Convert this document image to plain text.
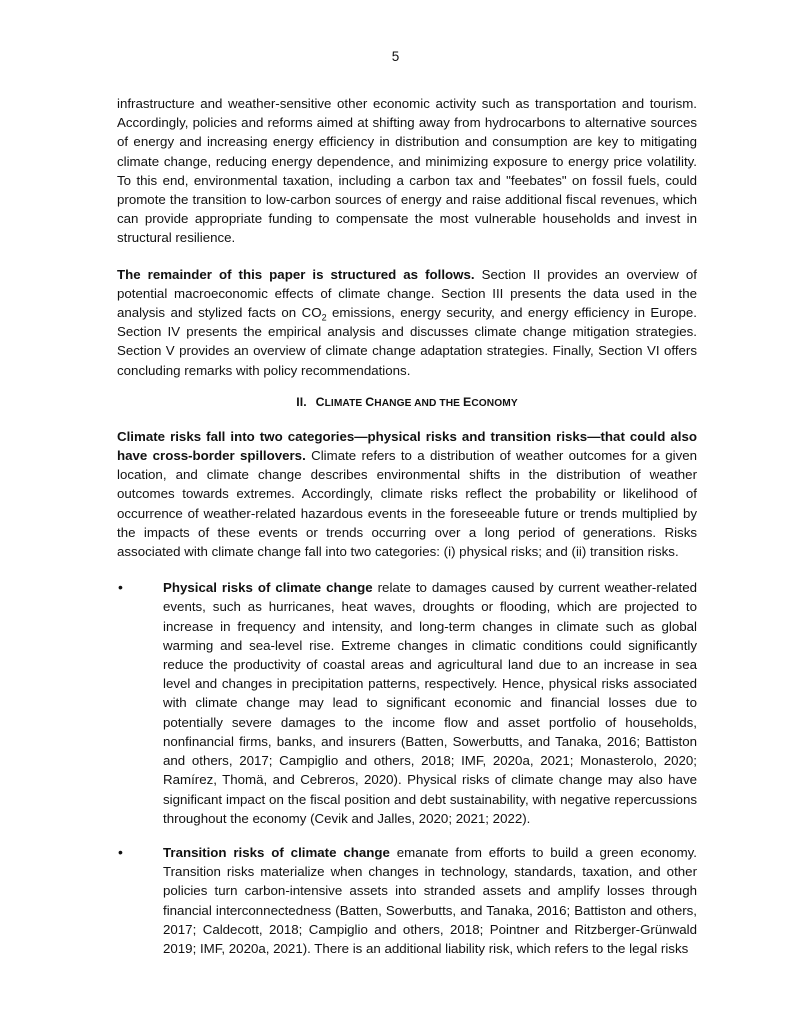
5

infrastructure and weather-sensitive other economic activity such as transportation and tourism. Accordingly, policies and reforms aimed at shifting away from hydrocarbons to alternative sources of energy and increasing energy efficiency in distribution and consumption are key to mitigating climate change, reducing energy dependence, and minimizing exposure to energy price volatility. To this end, environmental taxation, including a carbon tax and "feebates" on fossil fuels, could promote the transition to low-carbon sources of energy and raise additional fiscal revenues, which can provide appropriate funding to compensate the most vulnerable households and invest in structural resilience.

The remainder of this paper is structured as follows. Section II provides an overview of potential macroeconomic effects of climate change. Section III presents the data used in the analysis and stylized facts on $CO_2$ emissions, energy security, and energy efficiency in Europe. Section IV presents the empirical analysis and discusses climate change mitigation strategies. Section V provides an overview of climate change adaptation strategies. Finally, Section VI offers concluding remarks with policy recommendations.

II. CLIMATE CHANGE AND THE ECONOMY

Climate risks fall into two categories—physical risks and transition risks—that could also have cross-border spillovers. Climate refers to a distribution of weather outcomes for a given location, and climate change describes environmental shifts in the distribution of weather outcomes towards extremes. Accordingly, climate risks reflect the probability or likelihood of occurrence of weather-related hazardous events in the foreseeable future or trends multiplied by the impacts of these events or trends occurring over a long period of generations. Risks associated with climate change fall into two categories: (i) physical risks; and (ii) transition risks.

•	Physical risks of climate change relate to damages caused by current weather-related events, such as hurricanes, heat waves, droughts or flooding, which are projected to increase in frequency and intensity, and long-term changes in climate such as global warming and sea-level rise. Extreme changes in climatic conditions could significantly reduce the productivity of coastal areas and agricultural land due to an increase in sea level and changes in precipitation patterns, respectively. Hence, physical risks associated with climate change may lead to significant economic and financial losses due to potentially severe damages to the income flow and asset portfolio of households, nonfinancial firms, banks, and insurers (Batten, Sowerbutts, and Tanaka, 2016; Battiston and others, 2017; Campiglio and others, 2018; IMF, 2020a, 2021; Monasterolo, 2020; Ramírez, Thomä, and Cebreros, 2020). Physical risks of climate change may also have significant impact on the fiscal position and debt sustainability, with negative repercussions throughout the economy (Cevik and Jalles, 2020; 2021; 2022).

•	Transition risks of climate change emanate from efforts to build a green economy. Transition risks materialize when changes in technology, standards, taxation, and other policies turn carbon-intensive assets into stranded assets and amplify losses through financial interconnectedness (Batten, Sowerbutts, and Tanaka, 2016; Battiston and others, 2017; Caldecott, 2018; Campiglio and others, 2018; Pointner and Ritzberger-Grünwald 2019; IMF, 2020a, 2021). There is an additional liability risk, which refers to the legal risks
